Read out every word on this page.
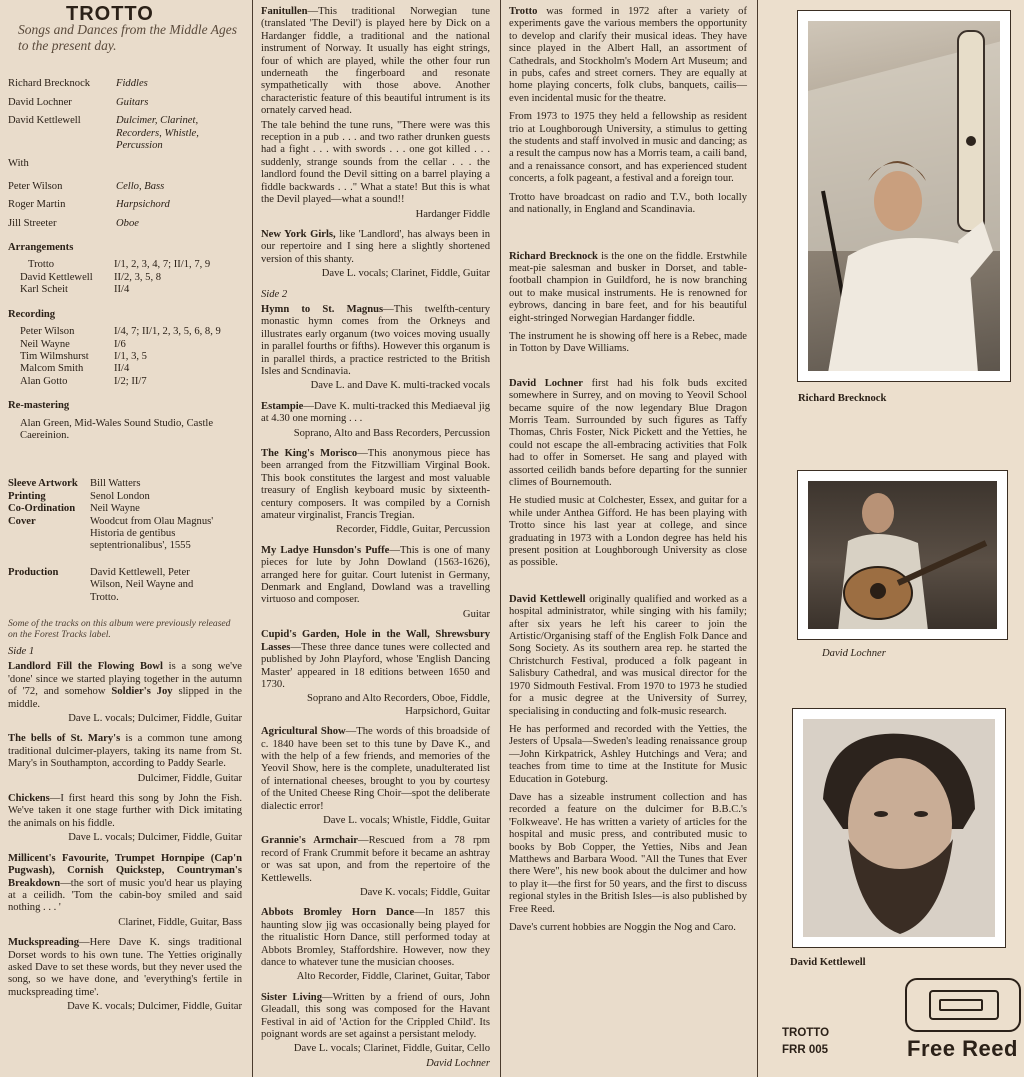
TROTTO
Songs and Dances from the Middle Ages to the present day.
Richard Brecknock	Fiddles
David Lochner	Guitars
David Kettlewell	Dulcimer, Clarinet, Recorders, Whistle, Percussion
With
Peter Wilson	Cello, Bass
Roger Martin	Harpsichord
Jill Streeter	Oboe
Arrangements
Trotto	I/1, 2, 3, 4, 7; II/1, 7, 9
David Kettlewell	II/2, 3, 5, 8
Karl Scheit	II/4
Recording
Peter Wilson	I/4, 7; II/1, 2, 3, 5, 6, 8, 9
Neil Wayne	I/6
Tim Wilmshurst	I/1, 3, 5
Malcom Smith	II/4
Alan Gotto	I/2; II/7
Re-mastering
Alan Green, Mid-Wales Sound Studio, Castle Caereinion.
Sleeve Artwork	Bill Watters
Printing	Senol London
Co-Ordination	Neil Wayne
Cover	Woodcut from Olau Magnus' Historia de gentibus septentrionalibus', 1555
Production	David Kettlewell, Peter Wilson, Neil Wayne and Trotto.
Some of the tracks on this album were previously released on the Forest Tracks label.
Side 1

Landlord Fill the Flowing Bowl is a song we've 'done' since we started playing together in the autumn of '72, and somehow Soldier's Joy slipped in the middle.

Dave L. vocals; Dulcimer, Fiddle, Guitar

The bells of St. Mary's is a common tune among traditional dulcimer-players, taking its name from St. Mary's in Southampton, according to Paddy Searle.

Dulcimer, Fiddle, Guitar

Chickens—I first heard this song by John the Fish. We've taken it one stage further with Dick imitating the animals on his fiddle.

Dave L. vocals; Dulcimer, Fiddle, Guitar

Millicent's Favourite, Trumpet Hornpipe (Cap'n Pugwash), Cornish Quickstep, Countryman's Breakdown—the sort of music you'd hear us playing at a ceilidh. 'Tom the cabin-boy smiled and said nothing . . . '

Clarinet, Fiddle, Guitar, Bass

Muckspreading—Here Dave K. sings traditional Dorset words to his own tune. The Yetties originally asked Dave to set these words, but they never used the song, so we have done, and 'everything's fertile in muckspreading time'.

Dave K. vocals; Dulcimer, Fiddle, Guitar

Fanitullen—This traditional Norwegian tune (translated 'The Devil') is played here by Dick on a Hardanger fiddle, a traditional and the national instrument of Norway. It usually has eight strings, four of which are played, while the other four run underneath the fingerboard and resonate sympathetically with those above. Another characteristic feature of this beautiful intrument is its ornately carved head.

The tale behind the tune runs, "There were was this reception in a pub . . . and two rather drunken guests had a fight . . . with swords . . . one got killed . . . suddenly, strange sounds from the cellar . . . the landlord found the Devil sitting on a barrel playing a fiddle backwards . . ." What a state! But this is what the Devil played—what a sound!!

Hardanger Fiddle

New York Girls, like 'Landlord', has always been in our repertoire and I sing here a slightly shortened version of this shanty.

Dave L. vocals; Clarinet, Fiddle, Guitar
Side 2

Hymn to St. Magnus—This twelfth-century monastic hymn comes from the Orkneys and illustrates early organum (two voices moving usually in parallel fourths or fifths). However this organum is in parallel thirds, a practice restricted to the British Isles and Scndinavia.

Dave L. and Dave K. multi-tracked vocals

Estampie—Dave K. multi-tracked this Mediaeval jig at 4.30 one morning . . .

Soprano, Alto and Bass Recorders, Percussion

The King's Morisco—This anonymous piece has been arranged from the Fitzwilliam Virginal Book. This book constitutes the largest and most valuable treasury of English keyboard music by sixteenth-century composers. It was compiled by a Cornish amateur virginalist, Francis Tregian.

Recorder, Fiddle, Guitar, Percussion

My Ladye Hunsdon's Puffe—This is one of many pieces for lute by John Dowland (1563-1626), arranged here for guitar. Court lutenist in Germany, Denmark and England, Dowland was a travelling virtuoso and composer.

Guitar

Cupid's Garden, Hole in the Wall, Shrewsbury Lasses—These three dance tunes were collected and published by John Playford, whose 'English Dancing Master' appeared in 18 editions between 1650 and 1730.

Soprano and Alto Recorders, Oboe, Fiddle, Harpsichord, Guitar

Agricultural Show—The words of this broadside of c. 1840 have been set to this tune by Dave K., and with the help of a few friends, and memories of the Yeovil Show, here is the complete, unadulterated list of international cheeses, brought to you by courtesy of the United Cheese Ring Choir—spot the deliberate dialectic error!

Dave L. vocals; Whistle, Fiddle, Guitar

Grannie's Armchair—Rescued from a 78 rpm record of Frank Crummit before it became an ashtray or was sat upon, and from the repertoire of the Kettlewells.

Dave K. vocals; Fiddle, Guitar

Abbots Bromley Horn Dance—In 1857 this haunting slow jig was occasionally being played for the ritualistic Horn Dance, still performed today at Abbots Bromley, Staffordshire. However, now they dance to whatever tune the musician chooses.

Alto Recorder, Fiddle, Clarinet, Guitar, Tabor

Sister Living—Written by a friend of ours, John Gleadall, this song was composed for the Havant Festival in aid of 'Action for the Crippled Child'. Its poignant words are set against a persistant melody.

Dave L. vocals; Clarinet, Fiddle, Guitar, Cello
David Lochner

Trotto was formed in 1972 after a variety of experiments gave the various members the opportunity to develop and clarify their musical ideas. They have since played in the Albert Hall, an assortment of Cathedrals, and Stockholm's Modern Art Museum; and in pubs, cafes and street corners. They are equally at home playing concerts, folk clubs, banquets, cailis—even incidental music for the theatre.

From 1973 to 1975 they held a fellowship as resident trio at Loughborough University, a stimulus to getting the students and staff involved in music and dancing; as a result the campus now has a Morris team, a caili band, and a renaissance consort, and has experienced student concerts, a folk pageant, a festival and a foreign tour.

Trotto have broadcast on radio and T.V., both locally and nationally, in England and Scandinavia.

Richard Brecknock is the one on the fiddle. Erstwhile meat-pie salesman and busker in Dorset, and table-football champion in Guildford, he is now branching out to make musical instruments. He is renowned for eybrows, dancing in bare feet, and for his beautiful eight-stringed Norwegian Hardanger fiddle.

The instrument he is showing off here is a Rebec, made in Totton by Dave Williams.

David Lochner first had his folk buds excited somewhere in Surrey, and on moving to Yeovil School became squire of the now legendary Blue Dragon Morris Team. Surrounded by such figures as Taffy Thomas, Chris Foster, Nick Pickett and the Yetties, he could not escape the all-embracing activities that Folk had to offer in Somerset. He sang and played with assorted ceilidh bands before departing for the sunnier climes of Bournemouth.

He studied music at Colchester, Essex, and guitar for a while under Anthea Gifford. He has been playing with Trotto since his last year at college, and since graduating in 1973 with a London degree has held his present position at Loughborough University as close as possible.

David Kettlewell originally qualified and worked as a hospital administrator, while singing with his family; after six years he left his career to join the Artistic/Organising staff of the English Folk Dance and Song Society. As its southern area rep. he started the Christchurch Festival, produced a folk pageant in Salisbury Cathedral, and was musical director for the 1970 Sidmouth Festival. From 1970 to 1973 he studied for a music degree at the University of Surrey, specialising in conducting and folk-music research.

He has performed and recorded with the Yetties, the Jesters of Upsala—Sweden's leading renaissance group—John Kirkpatrick, Ashley Hutchings and Vera; and teaches from time to time at the Institute for Music Education in Goteburg.

Dave has a sizeable instrument collection and has recorded a feature on the dulcimer for B.B.C.'s 'Folkweave'. He has written a variety of articles for the hospital and music press, and contributed music to books by Bob Copper, the Yetties, Nibs and Jean Matthews and Barbara Wood. "All the Tunes that Ever there Were", his new book about the dulcimer and how to play it—the first for 50 years, and the first to discuss regional styles in the British Isles—is also published by Free Reed.

Dave's current hobbies are Noggin the Nog and Caro.

Richard Brecknock
David Lochner
David Kettlewell
TROTTO
FRR 005	Free Reed
